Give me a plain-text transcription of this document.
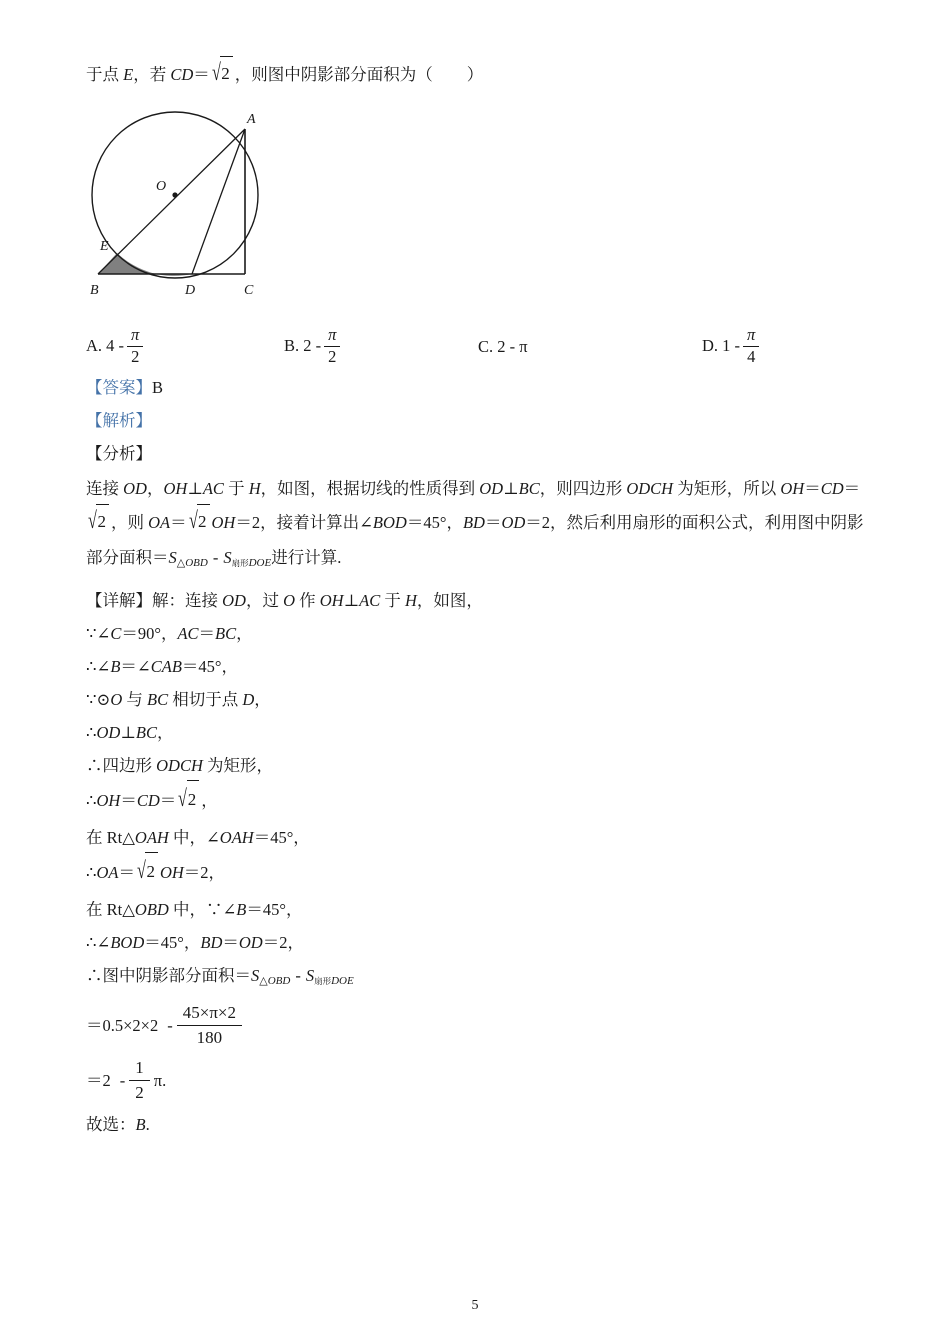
于点 E，若 CD＝ √2 ，则图中阴影部分面积为（ ）
A
B	C
D
E
O
A. $4 - \frac{\pi}{2}$	B. $2 - \frac{\pi}{2}$	C. 2 - π	D. $1 - \frac{\pi}{4}$
【答案】B
【解析】
【分析】
连接 OD，OH⊥AC 于 H，如图，根据切线的性质得到 OD⊥BC，则四边形 ODCH 为矩形，所以 OH＝CD＝√2 ，则 OA＝ √2 OH＝2，接着计算出∠BOD＝45°，BD＝OD＝2，然后利用扇形的面积公式，利用图中阴影部分面积＝S△OBD - S扇形DOE进行计算.
【详解】解：连接 OD，过 O 作 OH⊥AC 于 H，如图，
∵∠C＝90°，AC＝BC，
∴∠B＝∠CAB＝45°，
∵⊙O 与 BC 相切于点 D，
∴OD⊥BC，
∴四边形 ODCH 为矩形，
∴OH＝CD＝ √2 ，
在 Rt△OAH 中，∠OAH＝45°，
∴OA＝ √2 OH＝2，
在 Rt△OBD 中，∵∠B＝45°，
∴∠BOD＝45°，BD＝OD＝2，
∴图中阴影部分面积＝S△OBD - S扇形DOE
$=0.5\times 2\times 2 - \frac{45\times\pi\times 2}{180}$
$=2 - \frac{1}{2} \pi$.
故选：B.
5
